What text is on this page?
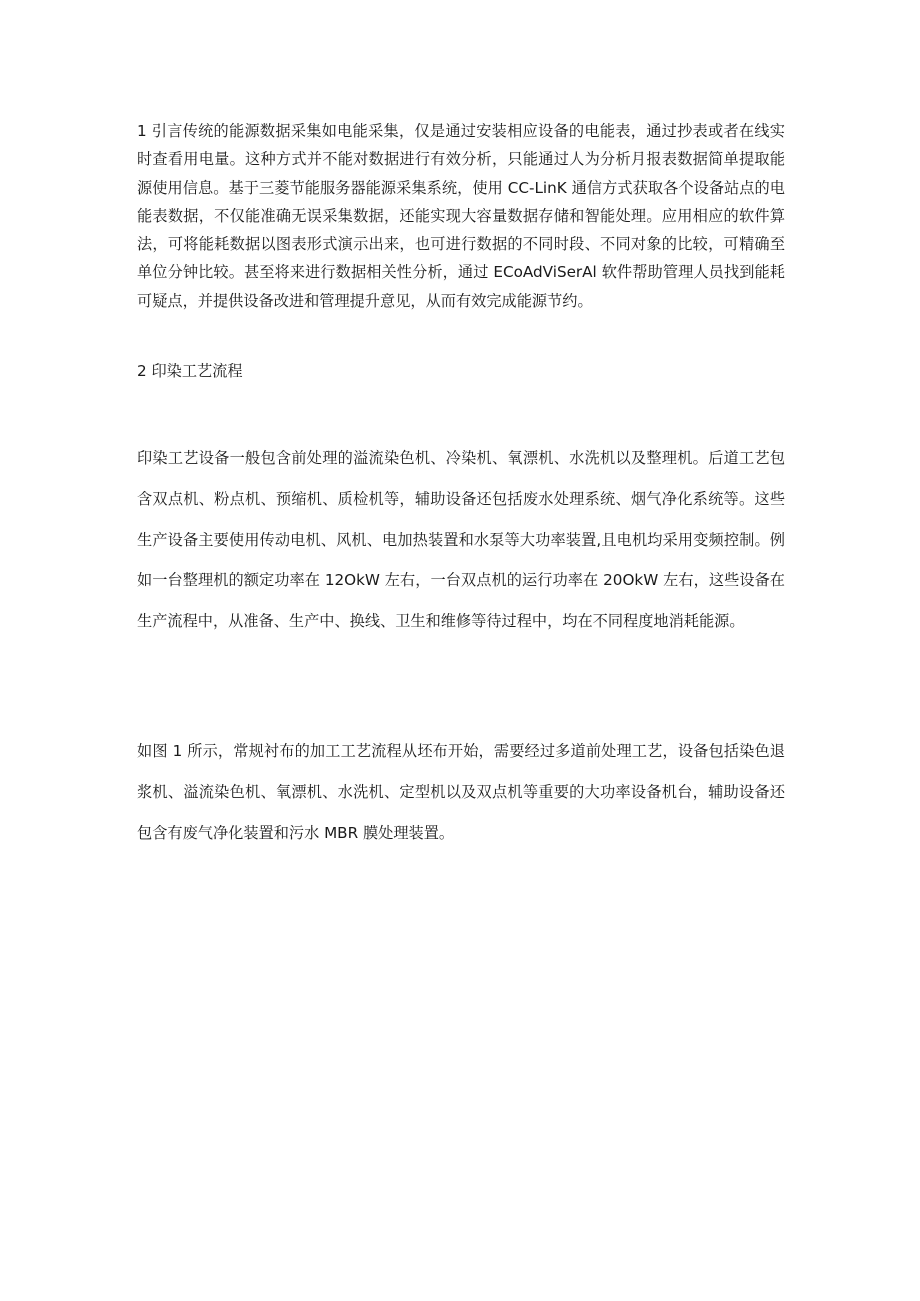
1 引言传统的能源数据采集如电能采集，仅是通过安装相应设备的电能表，通过抄表或者在线实时查看用电量。这种方式并不能对数据进行有效分析，只能通过人为分析月报表数据简单提取能源使用信息。基于三菱节能服务器能源采集系统，使用 CC-LinK 通信方式获取各个设备站点的电能表数据，不仅能准确无误采集数据，还能实现大容量数据存储和智能处理。应用相应的软件算法，可将能耗数据以图表形式演示出来，也可进行数据的不同时段、不同对象的比较，可精确至单位分钟比较。甚至将来进行数据相关性分析，通过 ECoAdViSerAl 软件帮助管理人员找到能耗可疑点，并提供设备改进和管理提升意见，从而有效完成能源节约。

2 印染工艺流程

印染工艺设备一般包含前处理的溢流染色机、冷染机、氧漂机、水洗机以及整理机。后道工艺包含双点机、粉点机、预缩机、质检机等，辅助设备还包括废水处理系统、烟气净化系统等。这些生产设备主要使用传动电机、风机、电加热装置和水泵等大功率装置,且电机均采用变频控制。例如一台整理机的额定功率在 12OkW 左右，一台双点机的运行功率在 20OkW 左右，这些设备在生产流程中，从准备、生产中、换线、卫生和维修等待过程中，均在不同程度地消耗能源。

如图 1 所示，常规衬布的加工工艺流程从坯布开始，需要经过多道前处理工艺，设备包括染色退浆机、溢流染色机、氧漂机、水洗机、定型机以及双点机等重要的大功率设备机台，辅助设备还包含有废气净化装置和污水 MBR 膜处理装置。
